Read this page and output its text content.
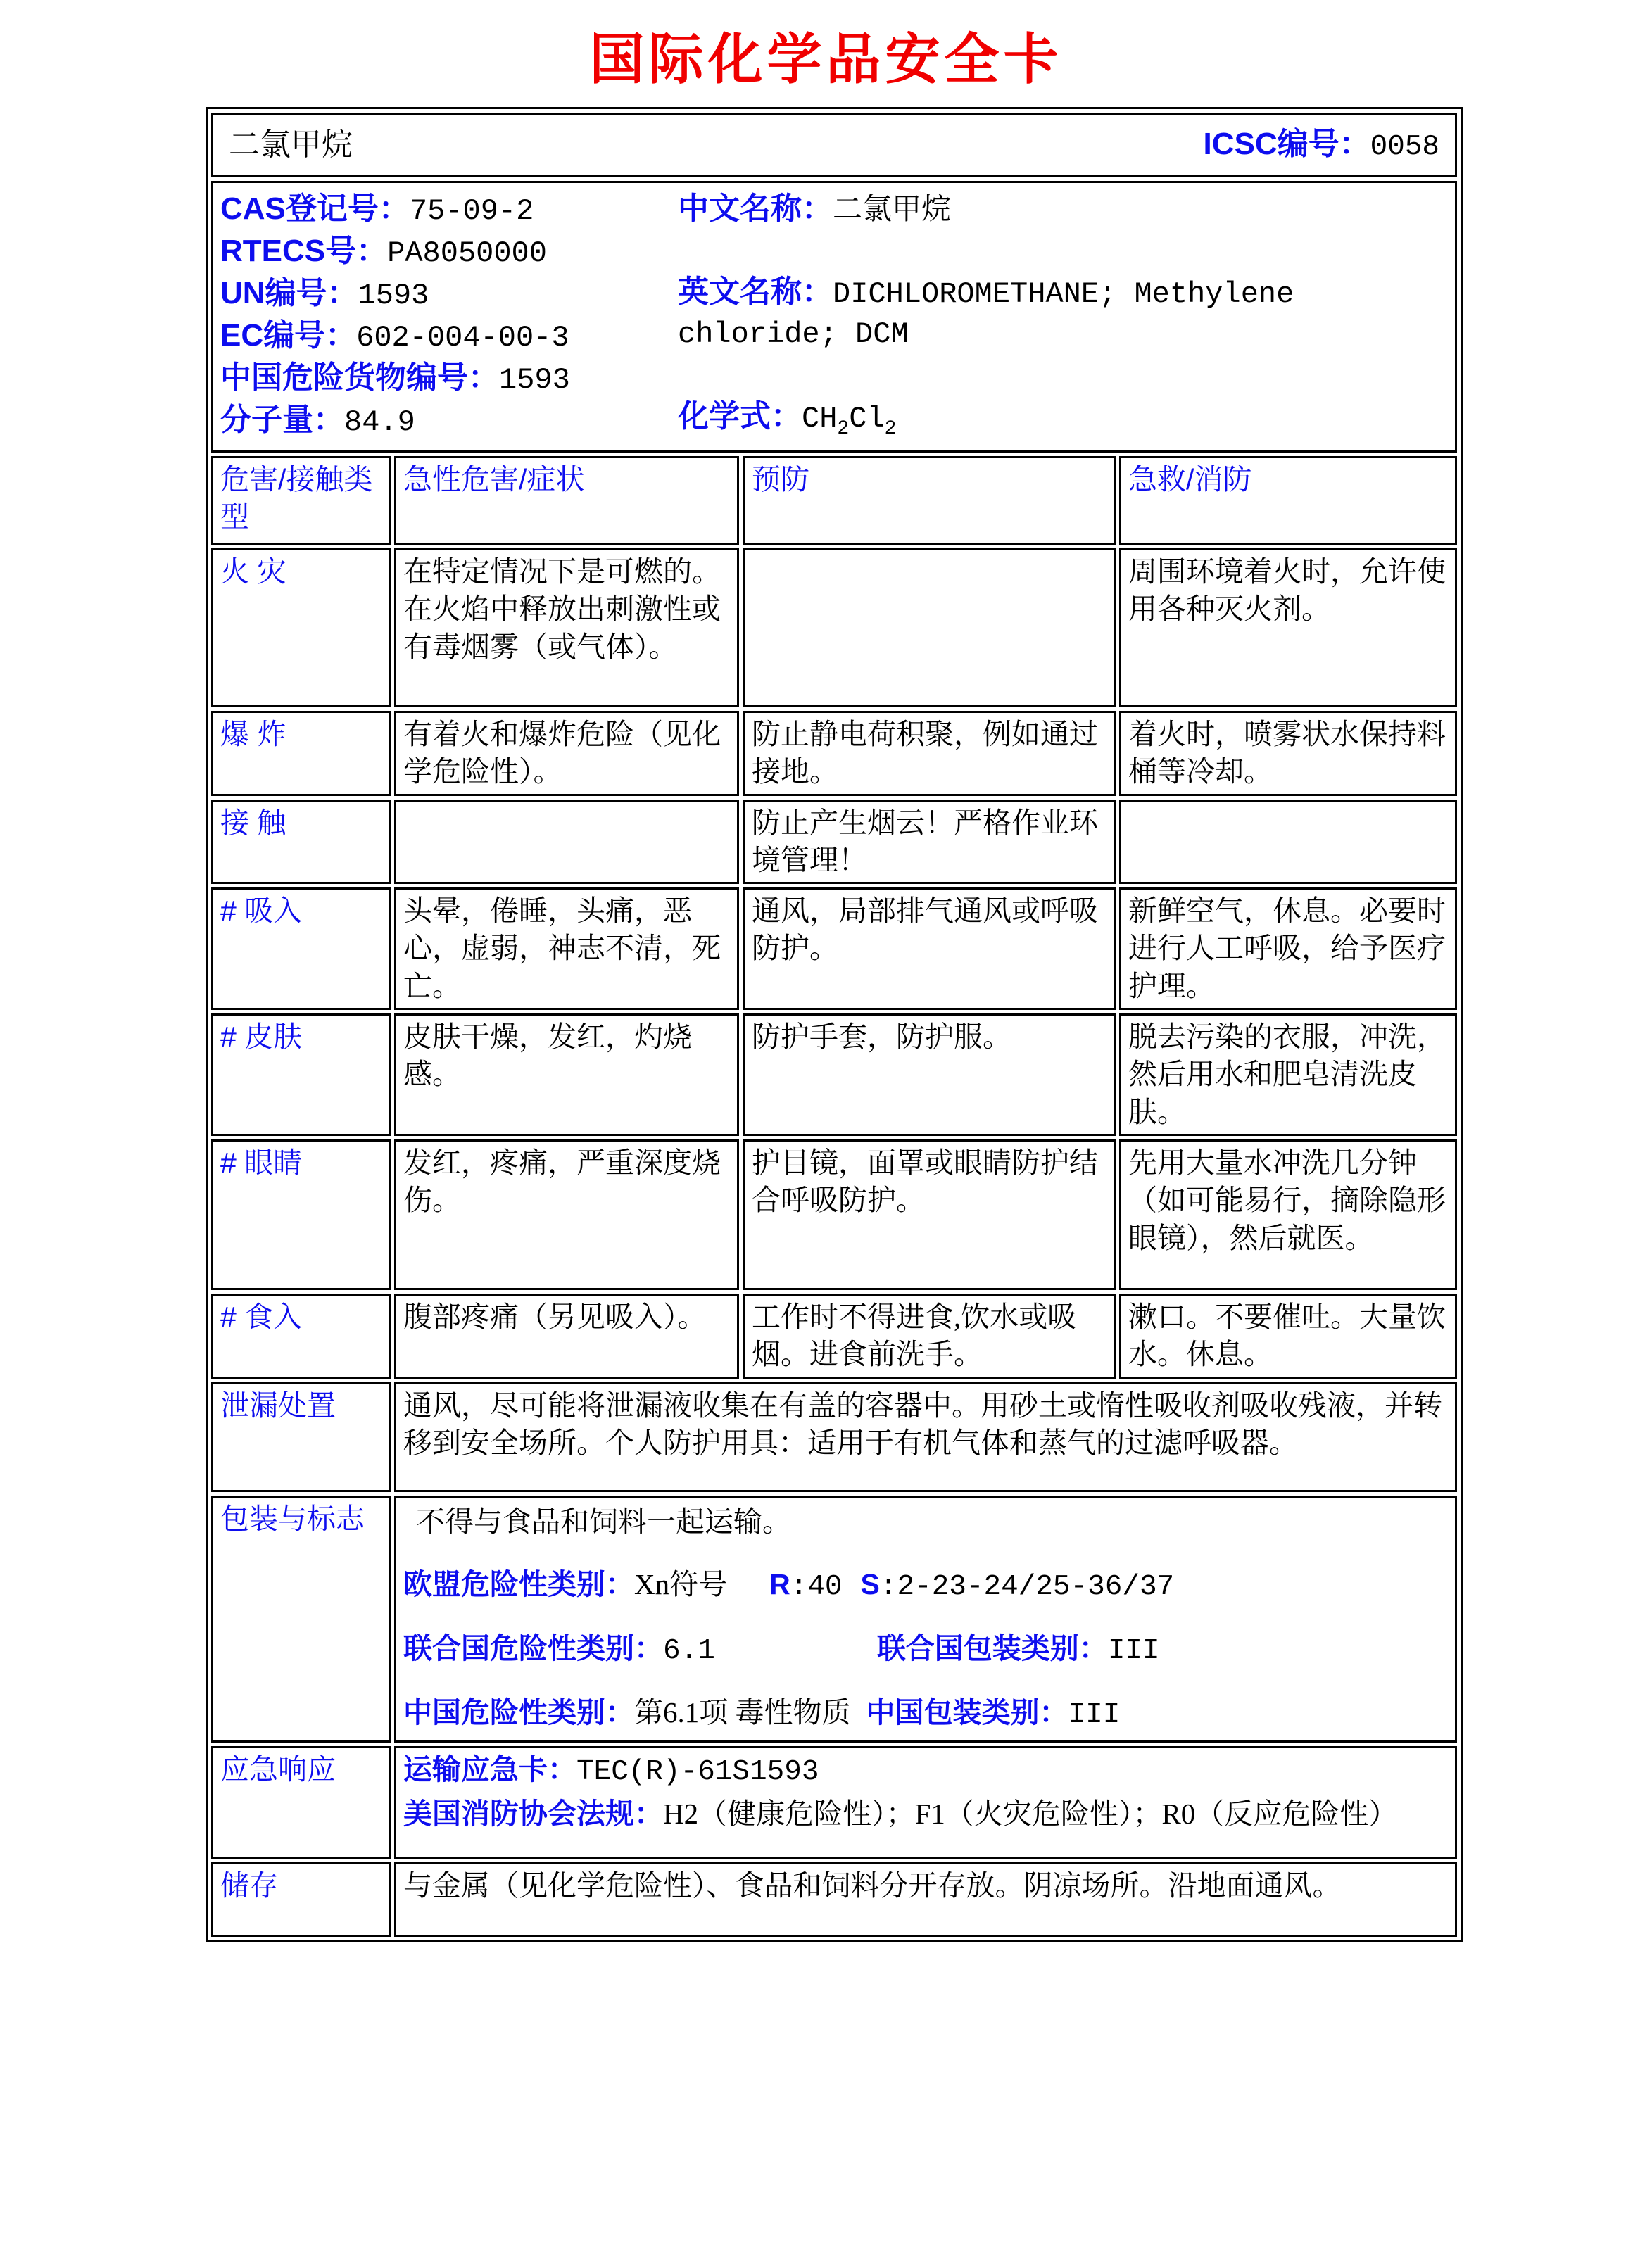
国际化学品安全卡
二氯甲烷 ICSC编号：0058			

CAS登记号：75-09-2
RTECS号：PA8050000
UN编号：1593
EC编号：602-004-00-3
中国危险货物编号：1593
分子量：84.9
中文名称：二氯甲烷
英文名称：DICHLOROMETHANE; Methylene chloride; DCM
化学式：$CH_2Cl_2$

危害/接触类型	急性危害/症状	预防	急救/消防
火 灾	在特定情况下是可燃的。在火焰中释放出刺激性或有毒烟雾（或气体）。		周围环境着火时，允许使用各种灭火剂。
爆 炸	有着火和爆炸危险（见化学危险性）。	防止静电荷积聚，例如通过接地。	着火时，喷雾状水保持料桶等冷却。
接 触		防止产生烟云！严格作业环境管理！	
# 吸入	头晕，倦睡，头痛，恶心，虚弱，神志不清，死亡。	通风，局部排气通风或呼吸防护。	新鲜空气，休息。必要时进行人工呼吸，给予医疗护理。
# 皮肤	皮肤干燥，发红，灼烧感。	防护手套，防护服。	脱去污染的衣服，冲洗，然后用水和肥皂清洗皮肤。
# 眼睛	发红，疼痛，严重深度烧伤。	护目镜，面罩或眼睛防护结合呼吸防护。	先用大量水冲洗几分钟（如可能易行，摘除隐形眼镜），然后就医。
# 食入	腹部疼痛（另见吸入）。	工作时不得进食,饮水或吸烟。进食前洗手。	漱口。不要催吐。大量饮水。休息。
泄漏处置	通风，尽可能将泄漏液收集在有盖的容器中。用砂土或惰性吸收剂吸收残液，并转移到安全场所。个人防护用具：适用于有机气体和蒸气的过滤呼吸器。		
包装与标志	不得与食品和饲料一起运输。
欧盟危险性类别：Xn符号 R:40 S:2-23-24/25-36/37
联合国危险性类别：6.1 联合国包装类别：III
中国危险性类别：第6.1项 毒性物质 中国包装类别：III		

应急响应	运输应急卡：TEC(R)-61S1593
美国消防协会法规：H2（健康危险性）；F1（火灾危险性）；R0（反应危险性）		

储存	与金属（见化学危险性）、食品和饲料分开存放。阴凉场所。沿地面通风。		
